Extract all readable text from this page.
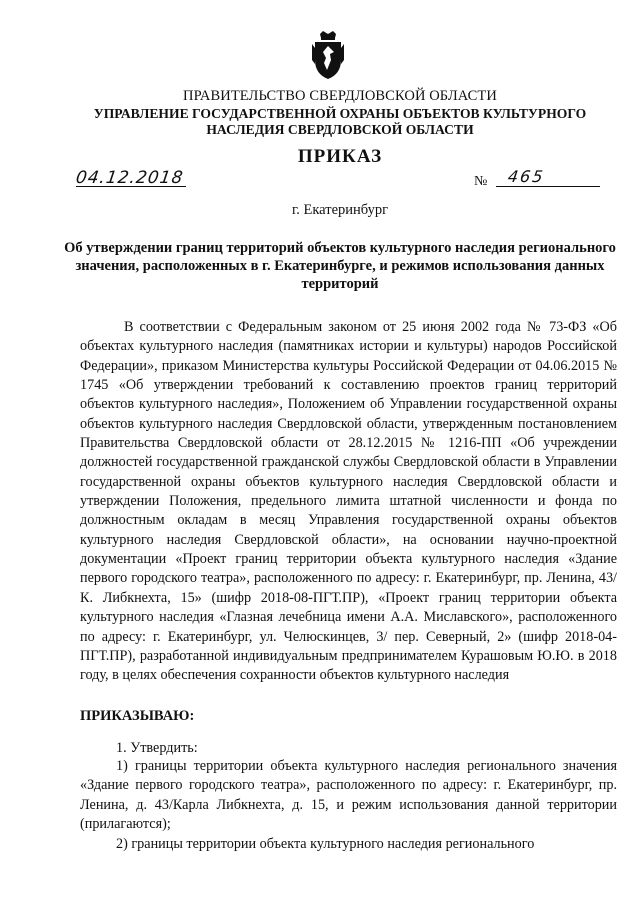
ПРАВИТЕЛЬСТВО СВЕРДЛОВСКОЙ ОБЛАСТИ
УПРАВЛЕНИЕ ГОСУДАРСТВЕННОЙ ОХРАНЫ ОБЪЕКТОВ КУЛЬТУРНОГО НАСЛЕДИЯ СВЕРДЛОВСКОЙ ОБЛАСТИ
ПРИКАЗ
04.12.2018	№ 465
г. Екатеринбург
Об утверждении границ территорий объектов культурного наследия регионального значения, расположенных в г. Екатеринбурге, и режимов использования данных территорий

В соответствии с Федеральным законом от 25 июня 2002 года № 73-ФЗ «Об объектах культурного наследия (памятниках истории и культуры) народов Российской Федерации», приказом Министерства культуры Российской Федерации от 04.06.2015 № 1745 «Об утверждении требований к составлению проектов границ территорий объектов культурного наследия», Положением об Управлении государственной охраны объектов культурного наследия Свердловской области, утвержденным постановлением Правительства Свердловской области от 28.12.2015 № 1216-ПП «Об учреждении должностей государственной гражданской службы Свердловской области в Управлении государственной охраны объектов культурного наследия Свердловской области и утверждении Положения, предельного лимита штатной численности и фонда по должностным окладам в месяц Управления государственной охраны объектов культурного наследия Свердловской области», на основании научно-проектной документации «Проект границ территории объекта культурного наследия «Здание первого городского театра», расположенного по адресу: г. Екатеринбург, пр. Ленина, 43/К. Либкнехта, 15» (шифр 2018-08-ПГТ.ПР), «Проект границ территории объекта культурного наследия «Глазная лечебница имени А.А. Миславского», расположенного по адресу: г. Екатеринбург, ул. Челюскинцев, 3/ пер. Северный, 2» (шифр 2018-04-ПГТ.ПР), разработанной индивидуальным предпринимателем Курашовым Ю.Ю. в 2018 году, в целях обеспечения сохранности объектов культурного наследия

ПРИКАЗЫВАЮ:
1. Утвердить:

1) границы территории объекта культурного наследия регионального значения «Здание первого городского театра», расположенного по адресу: г. Екатеринбург, пр. Ленина, д. 43/Карла Либкнехта, д. 15, и режим использования данной территории (прилагаются);

2) границы территории объекта культурного наследия регионального
